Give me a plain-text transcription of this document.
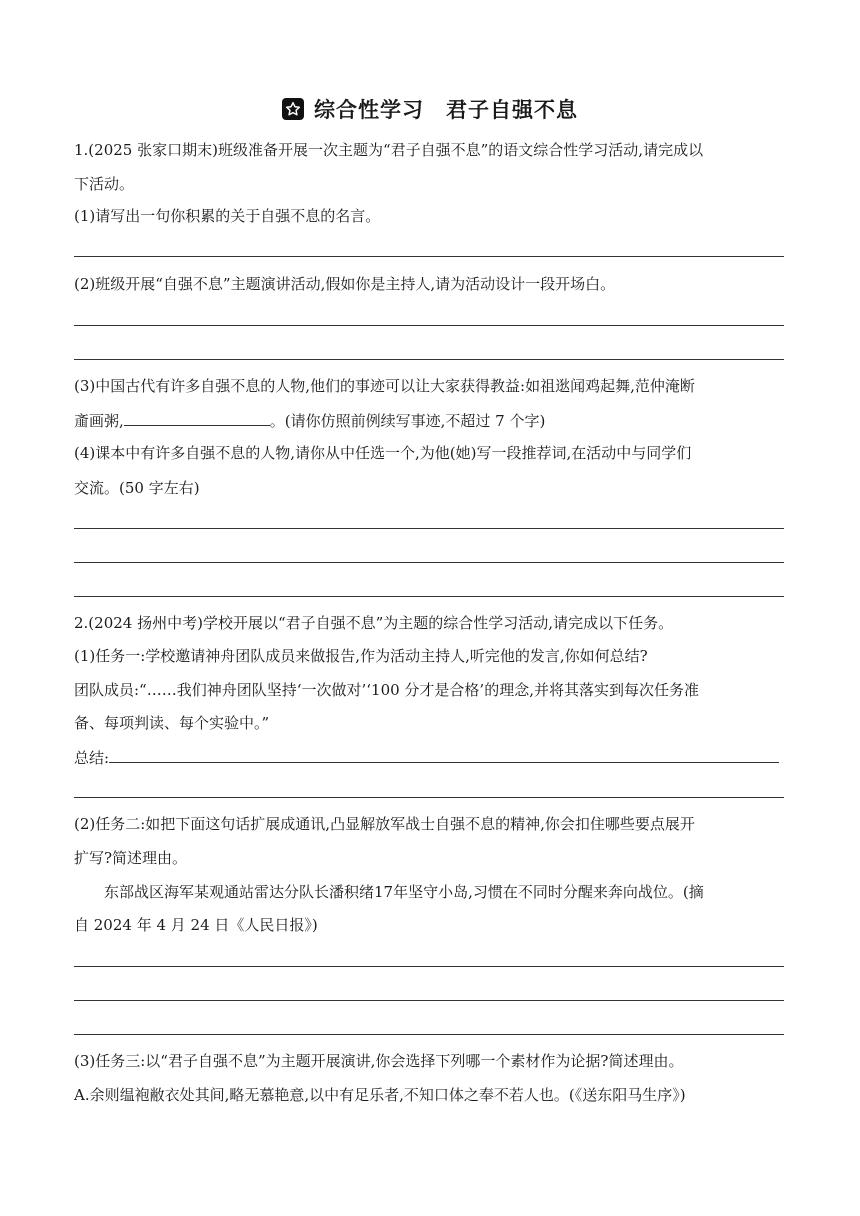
综合性学习　君子自强不息
1.(2025 张家口期末)班级准备开展一次主题为“君子自强不息”的语文综合性学习活动,请完成以
下活动。
(1)请写出一句你积累的关于自强不息的名言。
(2)班级开展“自强不息”主题演讲活动,假如你是主持人,请为活动设计一段开场白。
(3)中国古代有许多自强不息的人物,他们的事迹可以让大家获得教益:如祖逖闻鸡起舞,范仲淹断
齑画粥,	。(请你仿照前例续写事迹,不超过 7 个字)
(4)课本中有许多自强不息的人物,请你从中任选一个,为他(她)写一段推荐词,在活动中与同学们
交流。(50 字左右)
2.(2024 扬州中考)学校开展以“君子自强不息”为主题的综合性学习活动,请完成以下任务。
(1)任务一:学校邀请神舟团队成员来做报告,作为活动主持人,听完他的发言,你如何总结?
团队成员:“……我们神舟团队坚持‘一次做对’‘100 分才是合格’的理念,并将其落实到每次任务准
备、每项判读、每个实验中。”
总结:
(2)任务二:如把下面这句话扩展成通讯,凸显解放军战士自强不息的精神,你会扣住哪些要点展开
扩写?简述理由。
东部战区海军某观通站雷达分队长潘积绪17年坚守小岛,习惯在不同时分醒来奔向战位。(摘
自 2024 年 4 月 24 日《人民日报》)
(3)任务三:以“君子自强不息”为主题开展演讲,你会选择下列哪一个素材作为论据?简述理由。
A.余则缊袍敝衣处其间,略无慕艳意,以中有足乐者,不知口体之奉不若人也。(《送东阳马生序》)
